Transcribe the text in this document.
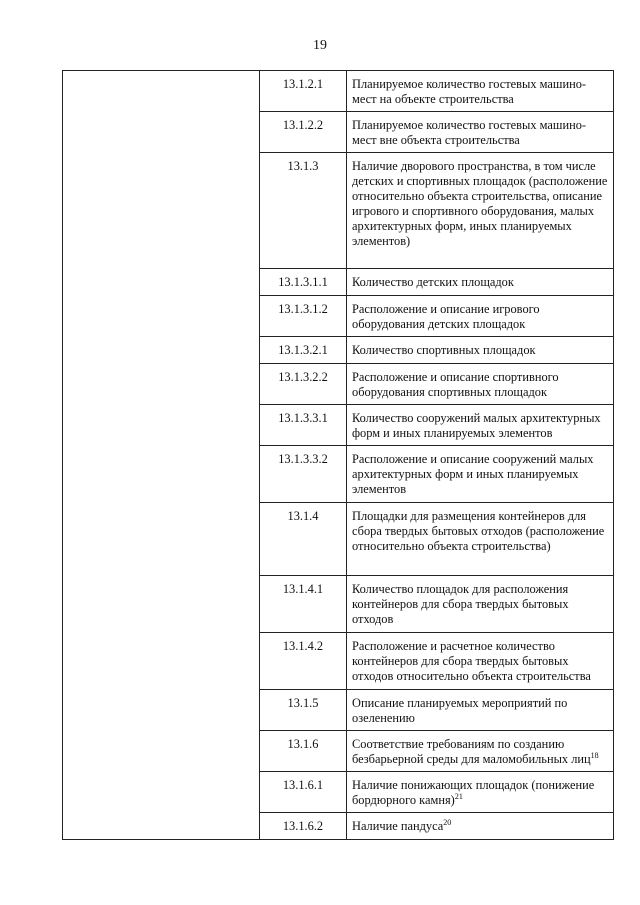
19
	13.1.2.1	Планируемое количество гостевых машино-мест на объекте строительства
	13.1.2.2	Планируемое количество гостевых машино-мест вне объекта строительства
	13.1.3	Наличие дворового пространства, в том числе детских и спортивных площадок (расположение относительно объекта строительства, описание игрового и спортивного оборудования, малых архитектурных форм, иных планируемых элементов)
	13.1.3.1.1	Количество детских площадок
	13.1.3.1.2	Расположение и описание игрового оборудования детских площадок
	13.1.3.2.1	Количество спортивных площадок
	13.1.3.2.2	Расположение и описание спортивного оборудования спортивных площадок
	13.1.3.3.1	Количество сооружений малых архитектурных форм и иных планируемых элементов
	13.1.3.3.2	Расположение и описание сооружений малых архитектурных форм и иных планируемых элементов
	13.1.4	Площадки для размещения контейнеров для сбора твердых бытовых отходов (расположение относительно объекта строительства)
	13.1.4.1	Количество площадок для расположения контейнеров для сбора твердых бытовых отходов
	13.1.4.2	Расположение и расчетное количество контейнеров для сбора твердых бытовых отходов относительно объекта строительства
	13.1.5	Описание планируемых мероприятий по озеленению
	13.1.6	Соответствие требованиям по созданию безбарьерной среды для маломобильных лиц$^{18}$
	13.1.6.1	Наличие понижающих площадок (понижение бордюрного камня)$^{21}$
	13.1.6.2	Наличие пандуса$^{20}$
